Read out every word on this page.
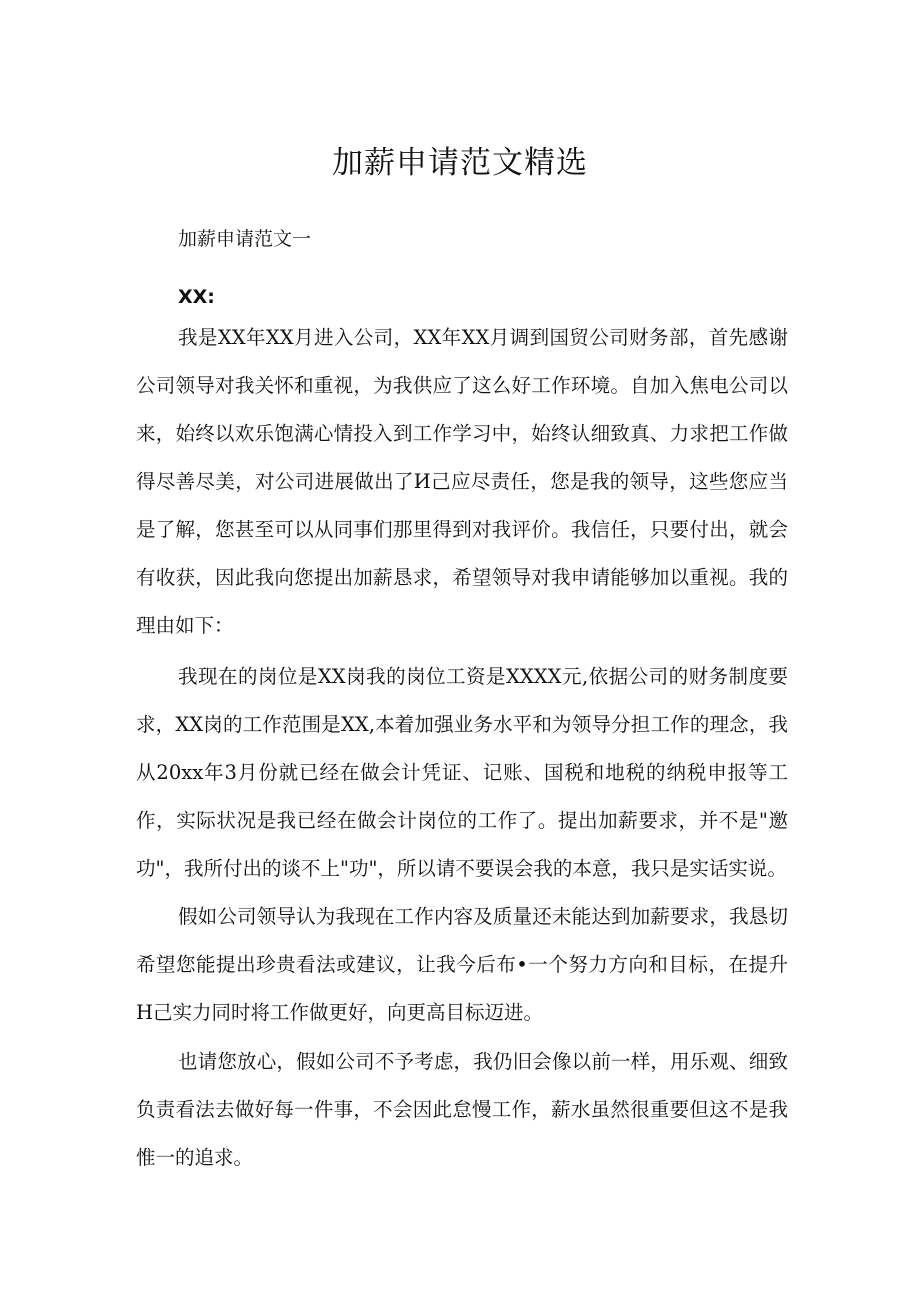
加薪申请范文精选
加薪申请范文一
XX:

我是XX年XX月进入公司，XX年XX月调到国贸公司财务部，首先感谢公司领导对我关怀和重视，为我供应了这么好工作环境。自加入焦电公司以来，始终以欢乐饱满心情投入到工作学习中，始终认细致真、力求把工作做得尽善尽美，对公司进展做出了И己应尽责任，您是我的领导，这些您应当是了解，您甚至可以从同事们那里得到对我评价。我信任，只要付出，就会有收获，因此我向您提出加薪恳求，希望领导对我申请能够加以重视。我的理由如下：

我现在的岗位是XX岗我的岗位工资是XXXX元,依据公司的财务制度要求，XX岗的工作范围是XX,本着加强业务水平和为领导分担工作的理念，我从20xx年3月份就已经在做会计凭证、记账、国税和地税的纳税申报等工作，实际状况是我已经在做会计岗位的工作了。提出加薪要求，并不是"邀功"，我所付出的谈不上"功"，所以请不要误会我的本意，我只是实话实说。

假如公司领导认为我现在工作内容及质量还未能达到加薪要求，我恳切希望您能提出珍贵看法或建议，让我今后布•一个努力方向和目标，在提升H己实力同时将工作做更好，向更高目标迈进。

也请您放心，假如公司不予考虑，我仍旧会像以前一样，用乐观、细致负责看法去做好每一件事，不会因此怠慢工作，薪水虽然很重要但这不是我惟一的追求。
